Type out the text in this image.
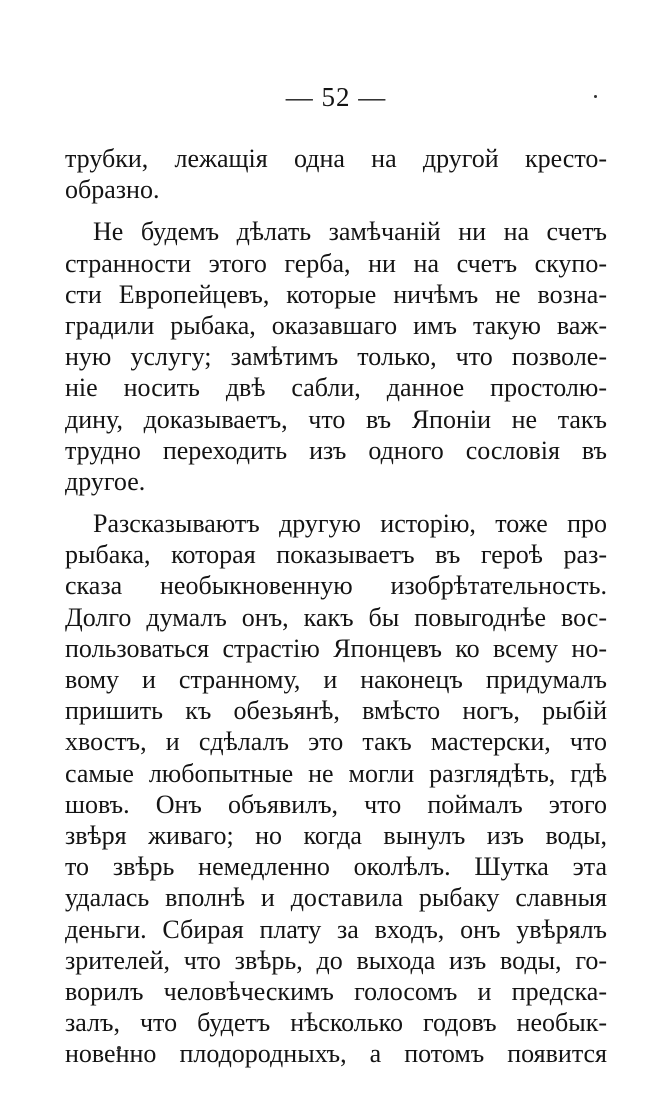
— 52 —
трубки, лежащія одна на другой кресто-
образно.
Не будемъ дѣлать замѣчаній ни на счетъ
странности этого герба, ни на счетъ скупо-
сти Европейцевъ, которые ничѣмъ не возна-
градили рыбака, оказавшаго имъ такую важ-
ную услугу; замѣтимъ только, что позволе-
ніе носить двѣ сабли, данное простолю-
дину, доказываетъ, что въ Японіи не такъ
трудно переходить изъ одного сословія въ
другое.
Разсказываютъ другую исторію, тоже про
рыбака, которая показываетъ въ героѣ раз-
сказа необыкновенную изобрѣтательность.
Долго думалъ онъ, какъ бы повыгоднѣе вос-
пользоваться страстію Японцевъ ко всему но-
вому и странному, и наконецъ придумалъ
пришить къ обезьянѣ, вмѣсто ногъ, рыбій
хвостъ, и сдѣлалъ это такъ мастерски, что
самые любопытные не могли разглядѣть, гдѣ
шовъ. Онъ объявилъ, что поймалъ этого
звѣря живаго; но когда вынулъ изъ воды,
то звѣрь немедленно околѣлъ. Шутка эта
удалась вполнѣ и доставила рыбаку славныя
деньги. Сбирая плату за входъ, онъ увѣрялъ
зрителей, что звѣрь, до выхода изъ воды, го-
ворилъ человѣческимъ голосомъ и предска-
залъ, что будетъ нѣсколько годовъ необык-
новенно плодородныхъ, а потомъ появится
